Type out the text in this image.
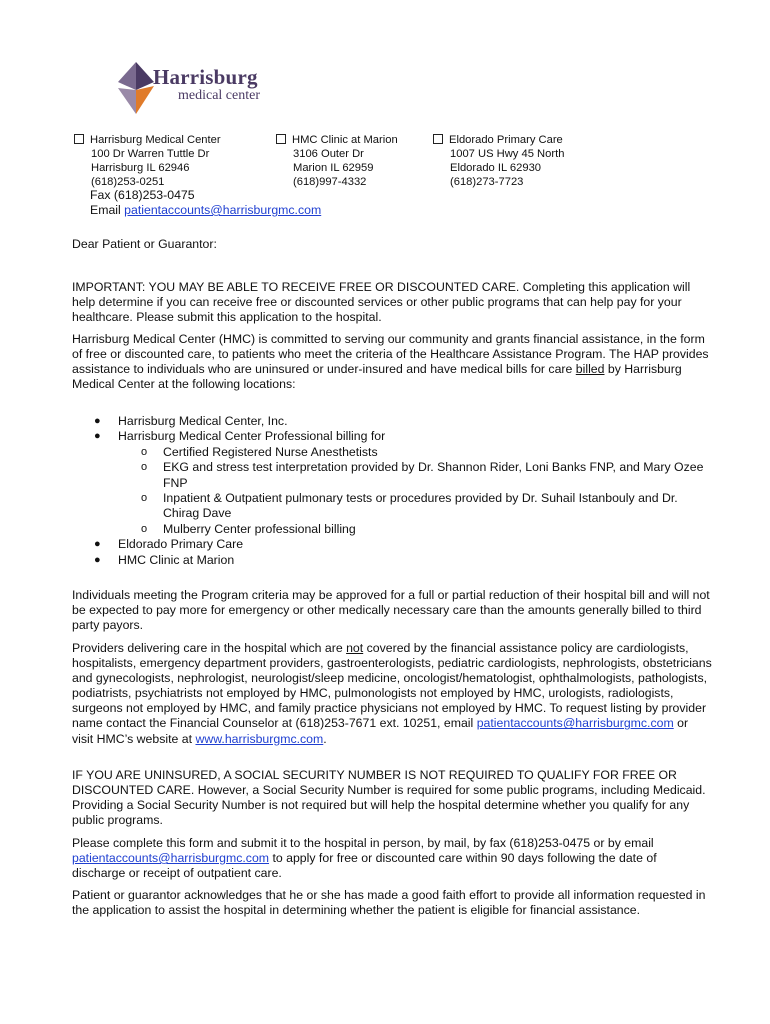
Harrisburg
medical center
Harrisburg Medical Center
100 Dr Warren Tuttle Dr
Harrisburg IL 62946
(618)253-0251
HMC Clinic at Marion
3106 Outer Dr
Marion IL 62959
(618)997-4332
Eldorado Primary Care
1007 US Hwy 45 North
Eldorado IL 62930
(618)273-7723
Fax (618)253-0475
Email patientaccounts@harrisburgmc.com
Dear Patient or Guarantor:

IMPORTANT: YOU MAY BE ABLE TO RECEIVE FREE OR DISCOUNTED CARE. Completing this application will help determine if you can receive free or discounted services or other public programs that can help pay for your healthcare. Please submit this application to the hospital.

Harrisburg Medical Center (HMC) is committed to serving our community and grants financial assistance, in the form of free or discounted care, to patients who meet the criteria of the Healthcare Assistance Program. The HAP provides assistance to individuals who are uninsured or under-insured and have medical bills for care billed by Harrisburg Medical Center at the following locations:

● Harrisburg Medical Center, Inc.
● Harrisburg Medical Center Professional billing for
o Certified Registered Nurse Anesthetists
o EKG and stress test interpretation provided by Dr. Shannon Rider, Loni Banks FNP, and Mary Ozee FNP
o Inpatient & Outpatient pulmonary tests or procedures provided by Dr. Suhail Istanbouly and Dr. Chirag Dave
o Mulberry Center professional billing
● Eldorado Primary Care
● HMC Clinic at Marion

Individuals meeting the Program criteria may be approved for a full or partial reduction of their hospital bill and will not be expected to pay more for emergency or other medically necessary care than the amounts generally billed to third party payors.

Providers delivering care in the hospital which are not covered by the financial assistance policy are cardiologists, hospitalists, emergency department providers, gastroenterologists, pediatric cardiologists, nephrologists, obstetricians and gynecologists, nephrologist, neurologist/sleep medicine, oncologist/hematologist, ophthalmologists, pathologists, podiatrists, psychiatrists not employed by HMC, pulmonologists not employed by HMC, urologists, radiologists, surgeons not employed by HMC, and family practice physicians not employed by HMC. To request listing by provider name contact the Financial Counselor at (618)253-7671 ext. 10251, email patientaccounts@harrisburgmc.com or visit HMC’s website at www.harrisburgmc.com.

IF YOU ARE UNINSURED, A SOCIAL SECURITY NUMBER IS NOT REQUIRED TO QUALIFY FOR FREE OR DISCOUNTED CARE. However, a Social Security Number is required for some public programs, including Medicaid. Providing a Social Security Number is not required but will help the hospital determine whether you qualify for any public programs.

Please complete this form and submit it to the hospital in person, by mail, by fax (618)253-0475 or by email patientaccounts@harrisburgmc.com to apply for free or discounted care within 90 days following the date of discharge or receipt of outpatient care.

Patient or guarantor acknowledges that he or she has made a good faith effort to provide all information requested in the application to assist the hospital in determining whether the patient is eligible for financial assistance.
